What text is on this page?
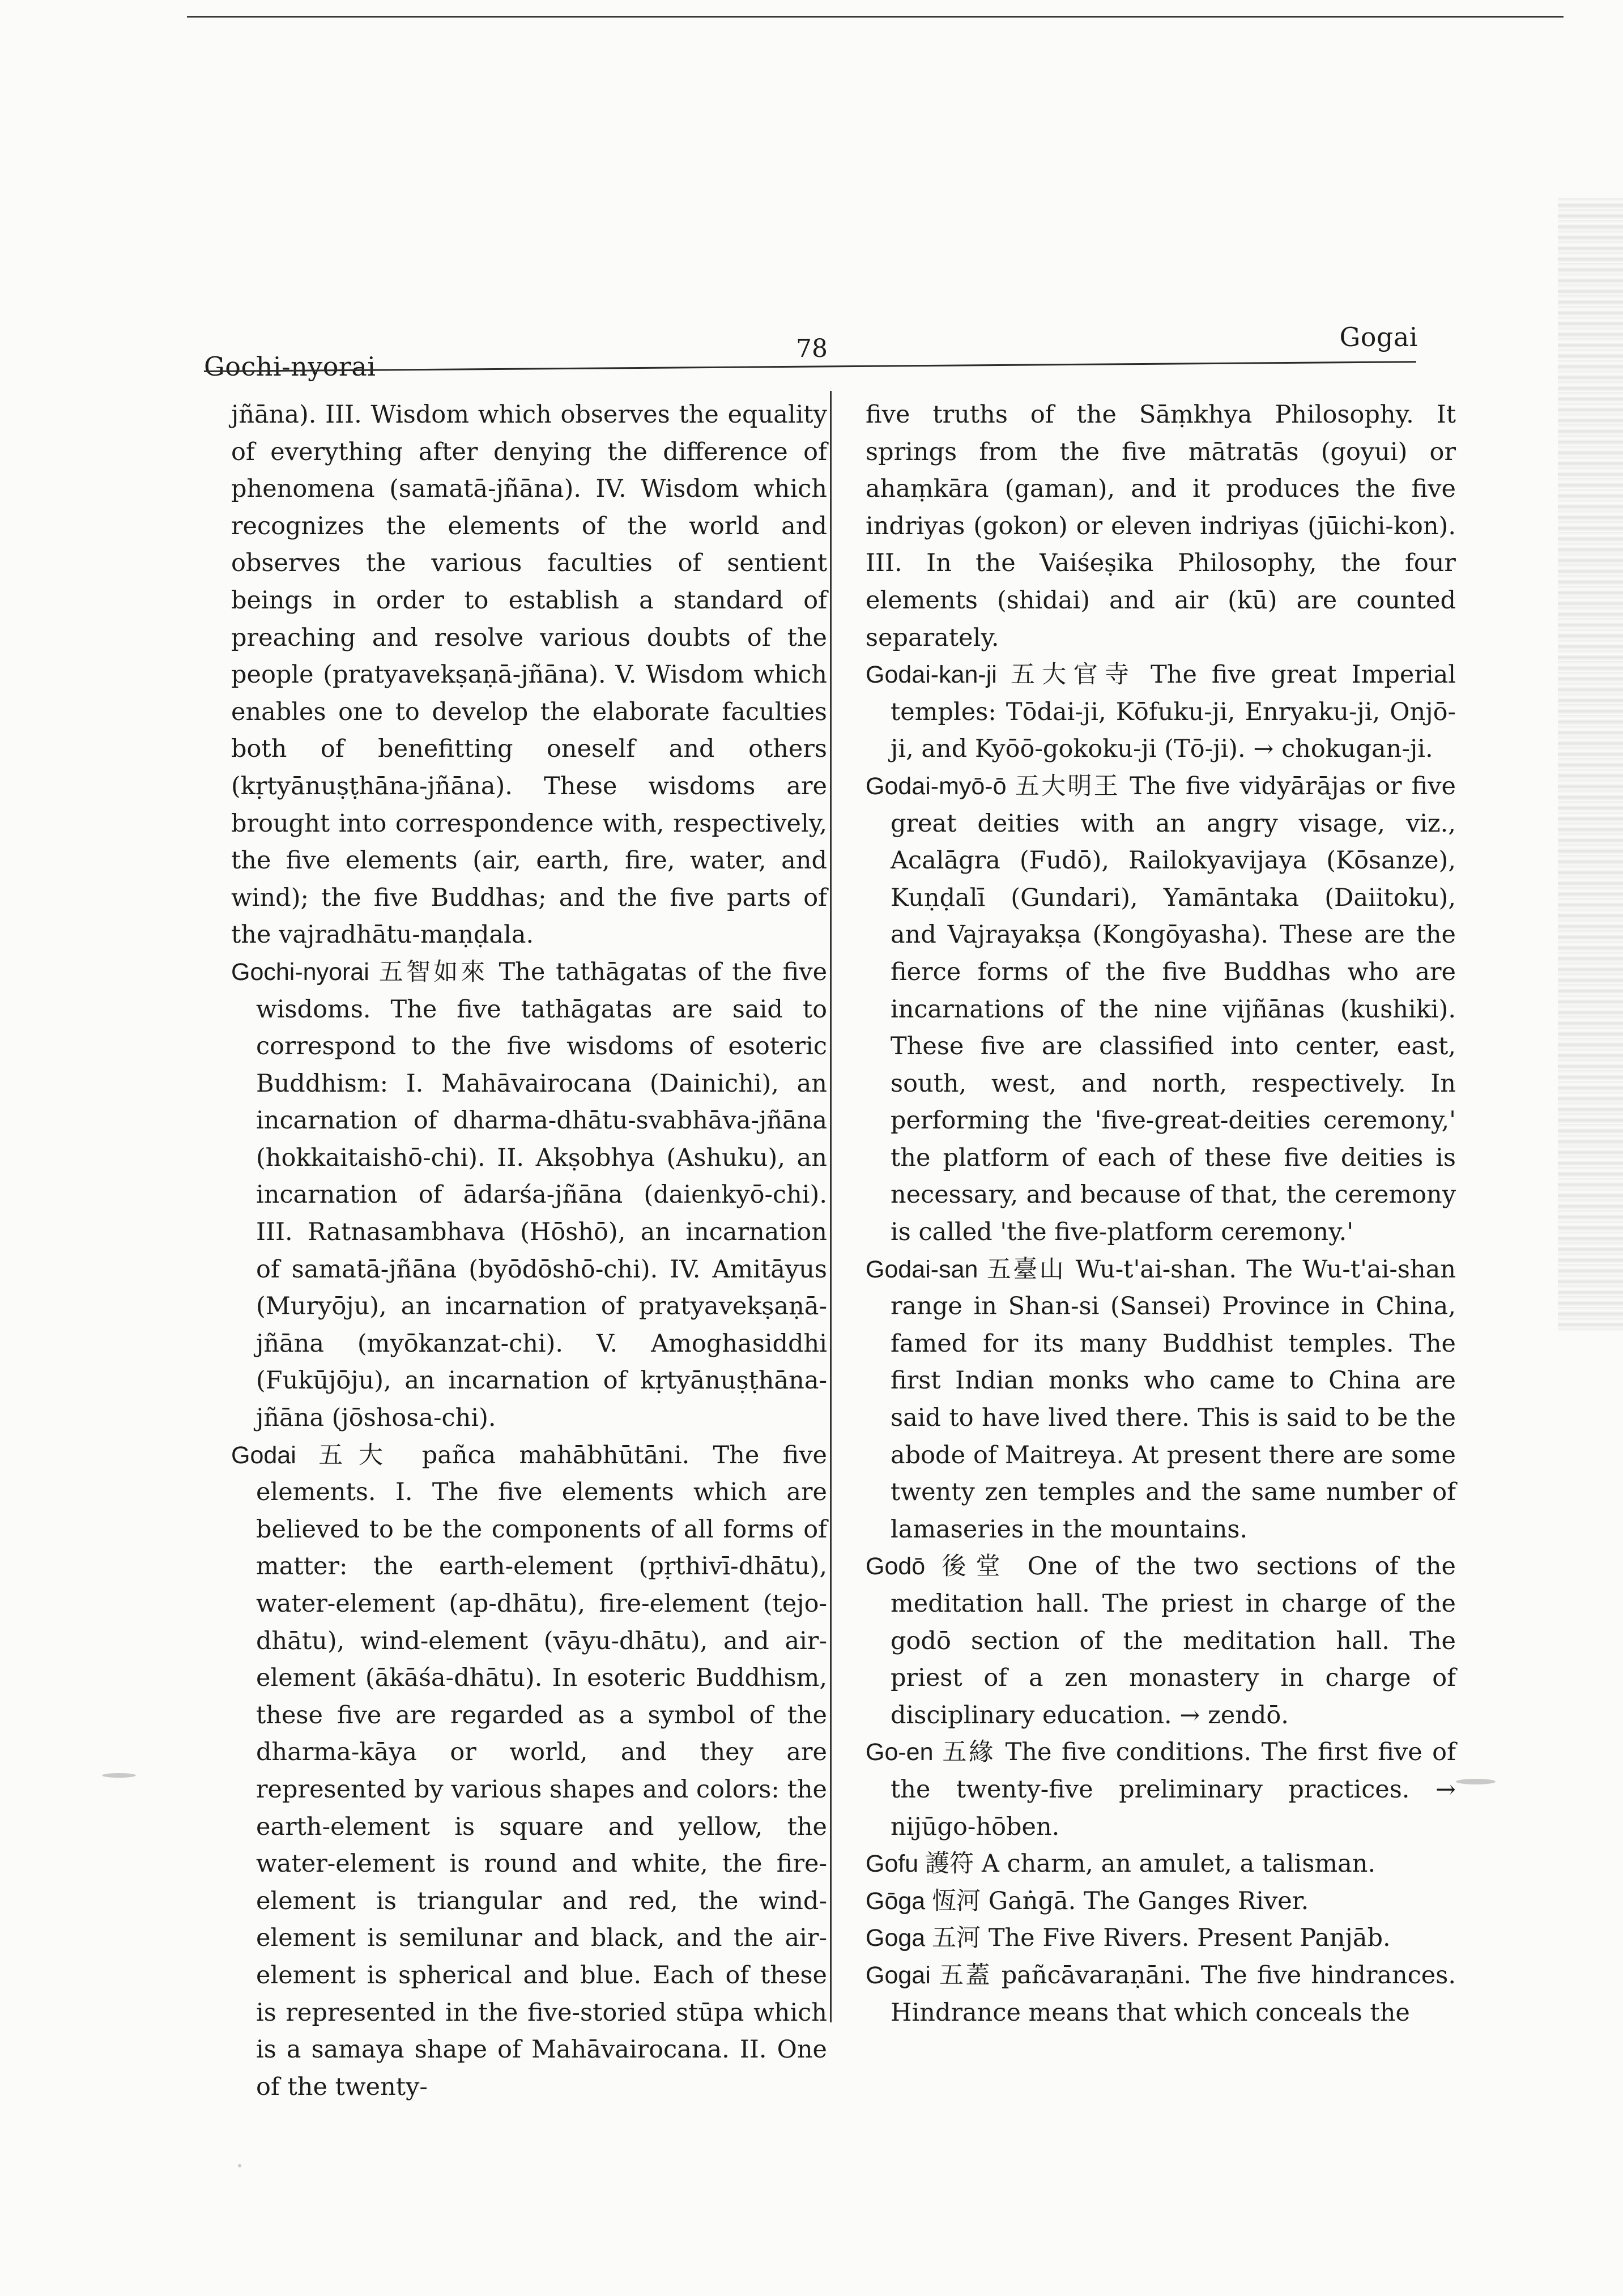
Gochi-nyorai
78	Gogai

jñāna). III. Wisdom which observes the equality of everything after denying the difference of phenomena (samatā-jñāna). IV. Wisdom which recognizes the elements of the world and observes the various faculties of sentient beings in order to establish a standard of preaching and resolve various doubts of the people (pratyavekṣaṇā-jñāna). V. Wisdom which enables one to develop the elaborate faculties both of benefitting oneself and others (kṛtyānuṣṭhāna-jñāna). These wisdoms are brought into correspondence with, respectively, the five elements (air, earth, fire, water, and wind); the five Buddhas; and the five parts of the vajradhātu-maṇḍala.

Gochi-nyorai 五智如來 The tathāgatas of the five wisdoms. The five tathāgatas are said to correspond to the five wisdoms of esoteric Buddhism: I. Mahāvairocana (Dainichi), an incarnation of dharma-dhātu-svabhāva-jñāna (hokkaitaishō-chi). II. Akṣobhya (Ashuku), an incarnation of ādarśa-jñāna (daienkyō-chi). III. Ratnasambhava (Hōshō), an incarnation of samatā-jñāna (byōdōshō-chi). IV. Amitāyus (Muryōju), an incarnation of pratyavekṣaṇā-jñāna (myōkanzat-chi). V. Amoghasiddhi (Fukūjōju), an incarnation of kṛtyānuṣṭhāna-jñāna (jōshosa-chi).

Godai 五大 pañca mahābhūtāni. The five elements. I. The five elements which are believed to be the components of all forms of matter: the earth-element (pṛthivī-dhātu), water-element (ap-dhātu), fire-element (tejo-dhātu), wind-element (vāyu-dhātu), and air-element (ākāśa-dhātu). In esoteric Buddhism, these five are regarded as a symbol of the dharma-kāya or world, and they are represented by various shapes and colors: the earth-element is square and yellow, the water-element is round and white, the fire-element is triangular and red, the wind-element is semilunar and black, and the air-element is spherical and blue. Each of these is represented in the five-storied stūpa which is a samaya shape of Mahāvairocana. II. One of the twenty-

five truths of the Sāṃkhya Philosophy. It springs from the five mātratās (goyui) or ahaṃkāra (gaman), and it produces the five indriyas (gokon) or eleven indriyas (jūichi-kon). III. In the Vaiśeṣika Philosophy, the four elements (shidai) and air (kū) are counted separately.

Godai-kan-ji 五大官寺 The five great Imperial temples: Tōdai-ji, Kōfuku-ji, Enryaku-ji, Onjō-ji, and Kyōō-gokoku-ji (Tō-ji). → chokugan-ji.

Godai-myō-ō 五大明王 The five vidyārājas or five great deities with an angry visage, viz., Acalāgra (Fudō), Railokyavijaya (Kōsanze), Kuṇḍalī (Gundari), Yamāntaka (Daiitoku), and Vajrayakṣa (Kongōyasha). These are the fierce forms of the five Buddhas who are incarnations of the nine vijñānas (kushiki). These five are classified into center, east, south, west, and north, respectively. In performing the 'five-great-deities ceremony,' the platform of each of these five deities is necessary, and because of that, the ceremony is called 'the five-platform ceremony.'

Godai-san 五臺山 Wu-t'ai-shan. The Wu-t'ai-shan range in Shan-si (Sansei) Province in China, famed for its many Buddhist temples. The first Indian monks who came to China are said to have lived there. This is said to be the abode of Maitreya. At present there are some twenty zen temples and the same number of lamaseries in the mountains.

Godō 後堂 One of the two sections of the meditation hall. The priest in charge of the godō section of the meditation hall. The priest of a zen monastery in charge of disciplinary education. → zendō.

Go-en 五緣 The five conditions. The first five of the twenty-five preliminary practices. → nijūgo-hōben.

Gofu 護符 A charm, an amulet, a talisman.

Gōga 恆河 Gaṅgā. The Ganges River.

Goga 五河 The Five Rivers. Present Panjāb.

Gogai 五蓋 pañcāvaraṇāni. The five hindrances. Hindrance means that which conceals the
